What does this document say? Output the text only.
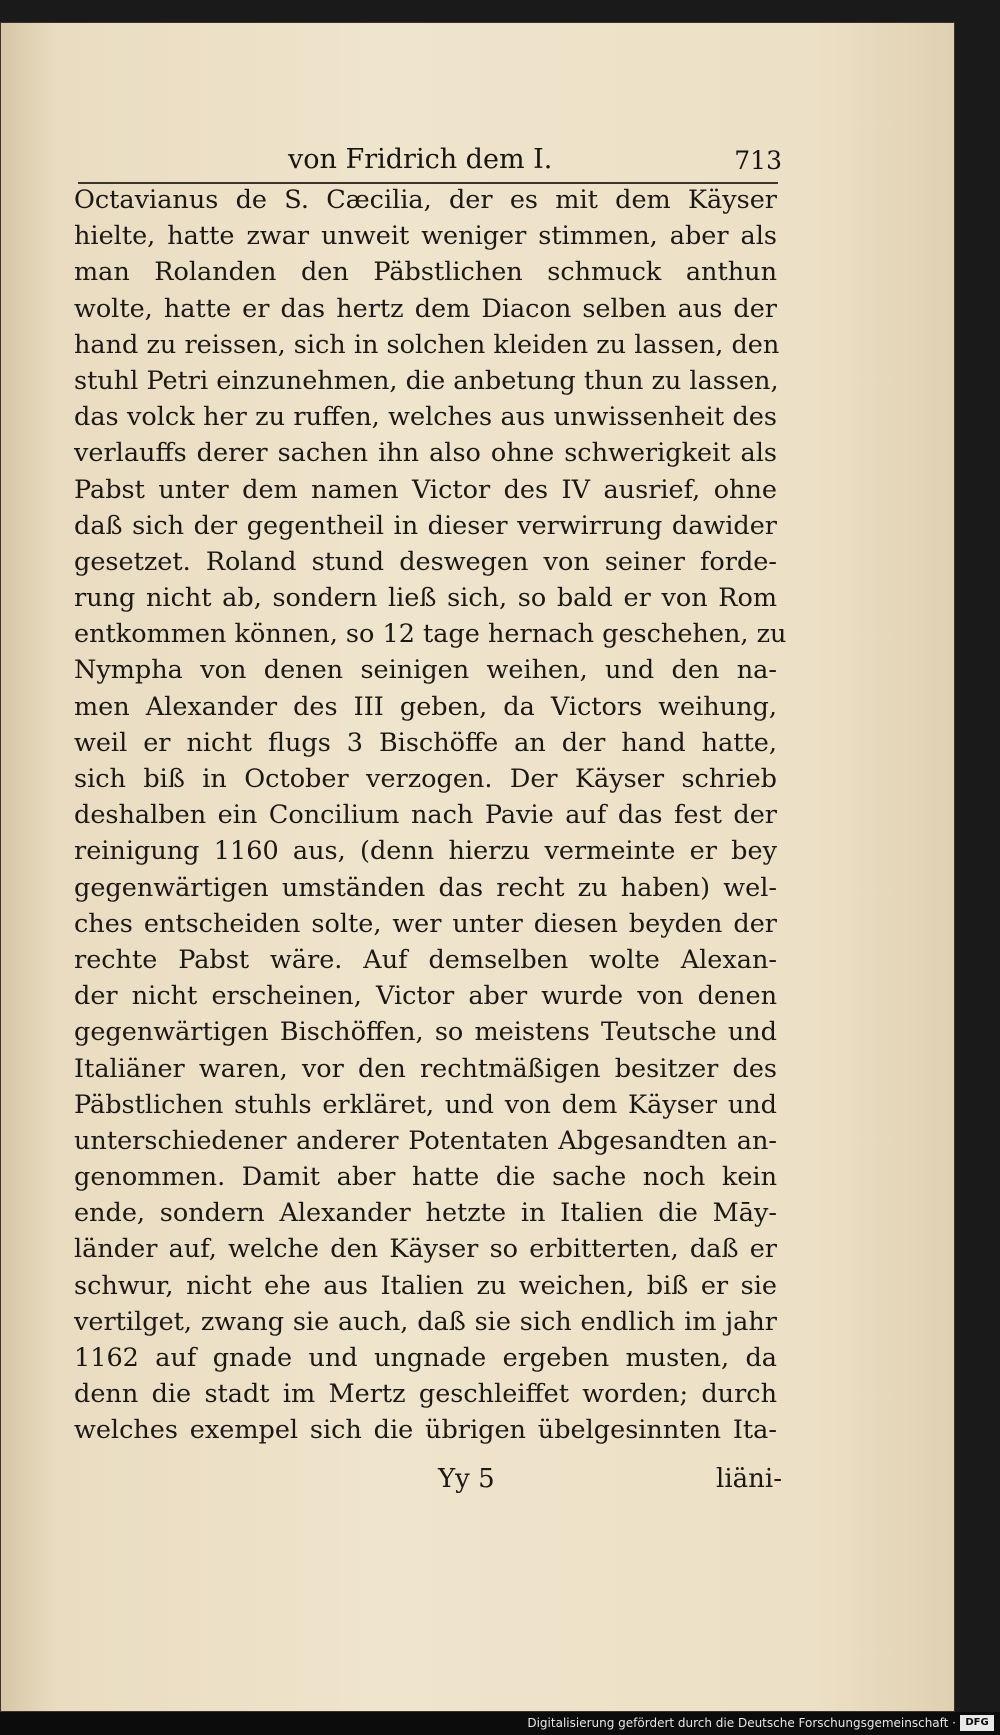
von Fridrich dem I.	713
Octavianus de S. Cæcilia, der es mit dem Käyser
hielte, hatte zwar unweit weniger stimmen, aber als
man Rolanden den Päbstlichen schmuck anthun
wolte, hatte er das hertz dem Diacon selben aus der
hand zu reissen, sich in solchen kleiden zu lassen, den
stuhl Petri einzunehmen, die anbetung thun zu lassen,
das volck her zu ruffen, welches aus unwissenheit des
verlauffs derer sachen ihn also ohne schwerigkeit als
Pabst unter dem namen Victor des IV ausrief, ohne
daß sich der gegentheil in dieser verwirrung dawider
gesetzet. Roland stund deswegen von seiner forde-
rung nicht ab, sondern ließ sich, so bald er von Rom
entkommen können, so 12 tage hernach geschehen, zu
Nympha von denen seinigen weihen, und den na-
men Alexander des III geben, da Victors weihung,
weil er nicht flugs 3 Bischöffe an der hand hatte,
sich biß in October verzogen. Der Käyser schrieb
deshalben ein Concilium nach Pavie auf das fest der
reinigung 1160 aus, (denn hierzu vermeinte er bey
gegenwärtigen umständen das recht zu haben) wel-
ches entscheiden solte, wer unter diesen beyden der
rechte Pabst wäre. Auf demselben wolte Alexan-
der nicht erscheinen, Victor aber wurde von denen
gegenwärtigen Bischöffen, so meistens Teutsche und
Italiäner waren, vor den rechtmäßigen besitzer des
Päbstlichen stuhls erkläret, und von dem Käyser und
unterschiedener anderer Potentaten Abgesandten an-
genommen. Damit aber hatte die sache noch kein
ende, sondern Alexander hetzte in Italien die Māy-
länder auf, welche den Käyser so erbitterten, daß er
schwur, nicht ehe aus Italien zu weichen, biß er sie
vertilget, zwang sie auch, daß sie sich endlich im jahr
1162 auf gnade und ungnade ergeben musten, da
denn die stadt im Mertz geschleiffet worden; durch
welches exempel sich die übrigen übelgesinnten Ita-
Yy 5	liäni-
Digitalisierung gefördert durch die Deutsche Forschungsgemeinschaft · DFG
